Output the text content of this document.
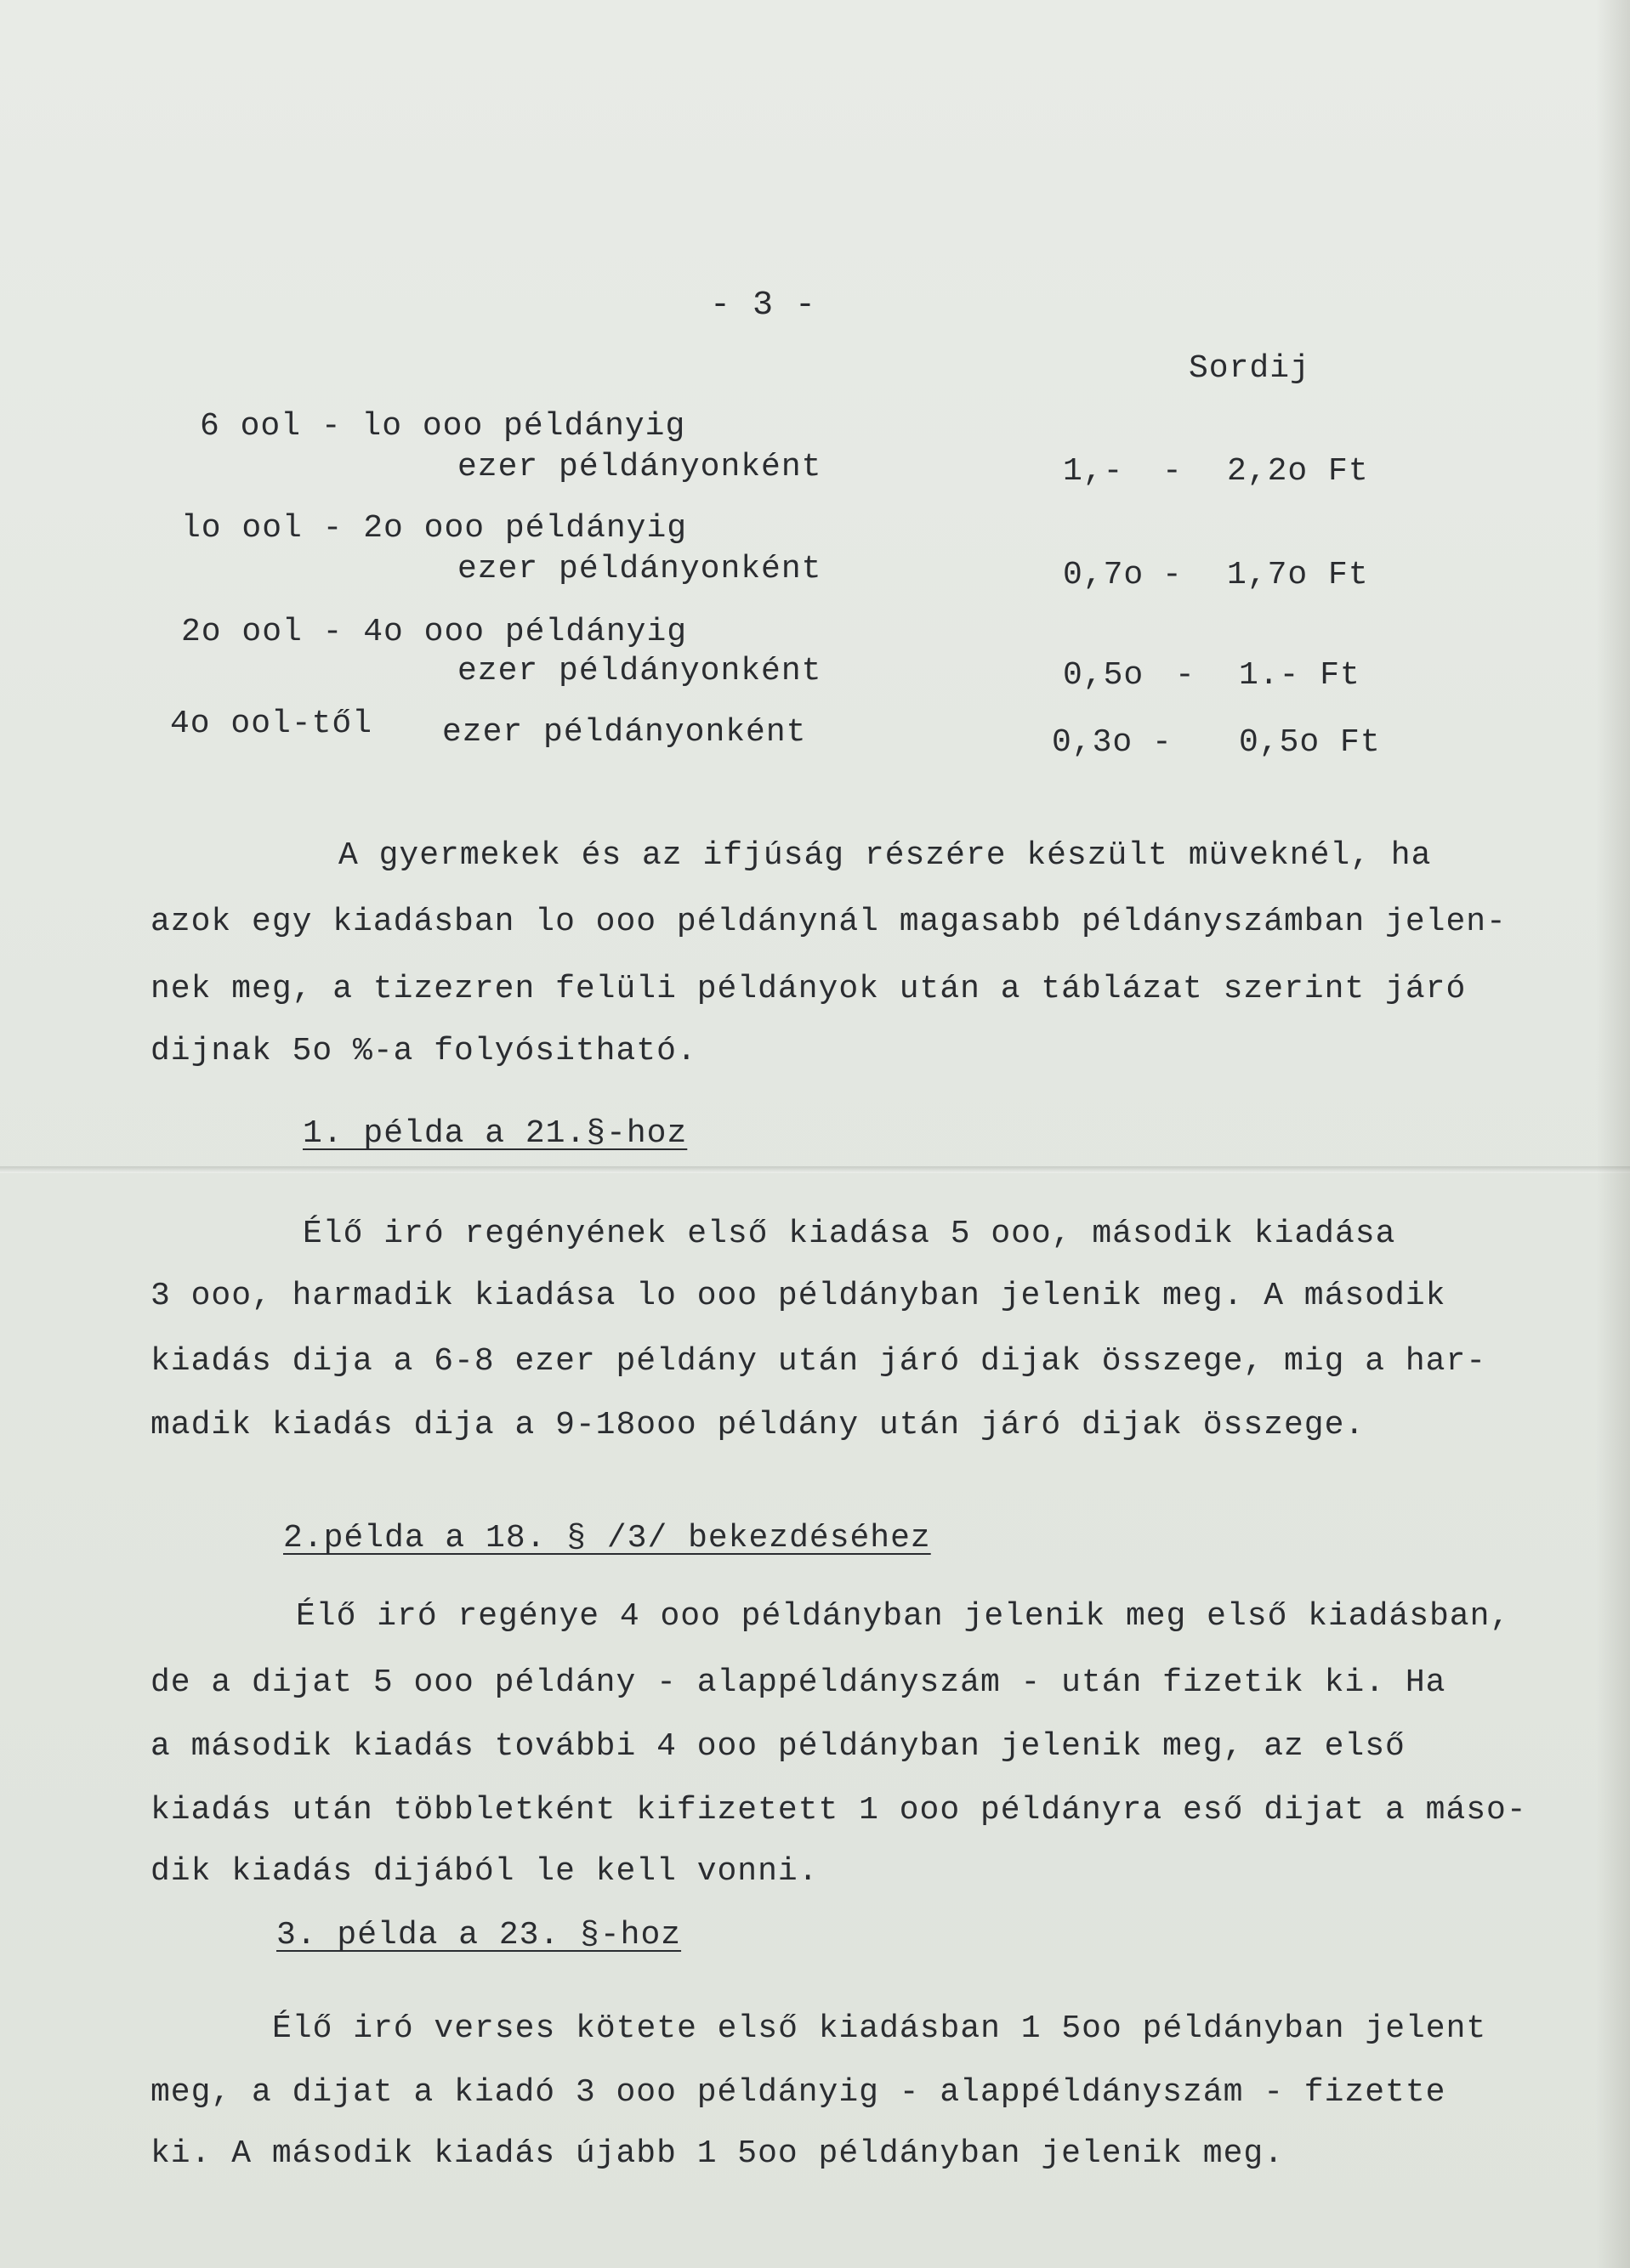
- 3 -
Sordij
6 ool - lo ooo példányig
ezer példányonként	1,- - 2,2o Ft
lo ool - 2o ooo példányig
ezer példányonként	0,7o - 1,7o Ft
2o ool - 4o ooo példányig
ezer példányonként	0,5o - 1.- Ft
4o ool-től ezer példányonként	0,3o - 0,5o Ft
A gyermekek és az ifjúság részére készült müveknél, ha
azok egy kiadásban lo ooo példánynál magasabb példányszámban jelen-
nek meg, a tizezren felüli példányok után a táblázat szerint járó
dijnak 5o %-a folyósitható.
1. példa a 21.§-hoz
Élő iró regényének első kiadása 5 ooo, második kiadása
3 ooo, harmadik kiadása lo ooo példányban jelenik meg. A második
kiadás dija a 6-8 ezer példány után járó dijak összege, mig a har-
madik kiadás dija a 9-18ooo példány után járó dijak összege.
2.példa a 18. § /3/ bekezdéséhez
Élő iró regénye 4 ooo példányban jelenik meg első kiadásban,
de a dijat 5 ooo példány - alappéldányszám - után fizetik ki. Ha
a második kiadás további 4 ooo példányban jelenik meg, az első
kiadás után többletként kifizetett 1 ooo példányra eső dijat a máso-
dik kiadás dijából le kell vonni.
3. példa a 23. §-hoz
Élő iró verses kötete első kiadásban 1 5oo példányban jelent
meg, a dijat a kiadó 3 ooo példányig - alappéldányszám - fizette
ki. A második kiadás újabb 1 5oo példányban jelenik meg.
